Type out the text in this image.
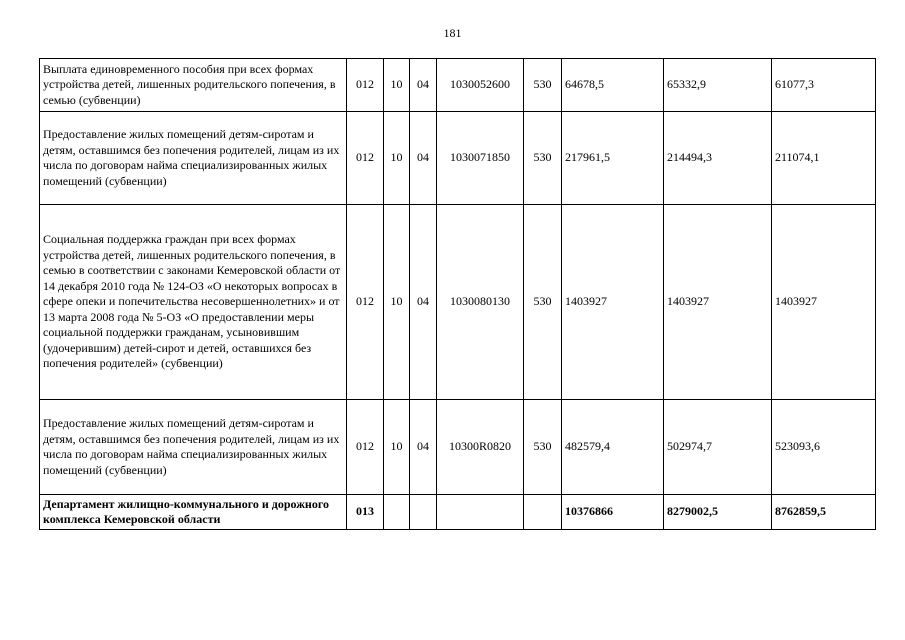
181
Выплата единовременного пособия при всех формах устройства детей, лишенных родительского попечения, в семью (субвенции)	012	10	04	1030052600	530	64678,5	65332,9	61077,3
Предоставление жилых помещений детям-сиротам и детям, оставшимся без попечения родителей, лицам из их числа по договорам найма специализированных жилых помещений (субвенции)	012	10	04	1030071850	530	217961,5	214494,3	211074,1
Социальная поддержка граждан при всех формах устройства детей, лишенных родительского попечения, в семью в соответствии с законами Кемеровской области от 14 декабря 2010 года № 124-ОЗ «О некоторых вопросах в сфере опеки и попечительства несовершеннолетних» и от 13 марта 2008 года № 5-ОЗ «О предоставлении меры социальной поддержки гражданам, усыновившим (удочерившим) детей-сирот и детей, оставшихся без попечения родителей» (субвенции)	012	10	04	1030080130	530	1403927	1403927	1403927
Предоставление жилых помещений детям-сиротам и детям, оставшимся без попечения родителей, лицам из их числа по договорам найма специализированных жилых помещений (субвенции)	012	10	04	10300R0820	530	482579,4	502974,7	523093,6
Департамент жилищно-коммунального и дорожного комплекса Кемеровской области	013					10376866	8279002,5	8762859,5
